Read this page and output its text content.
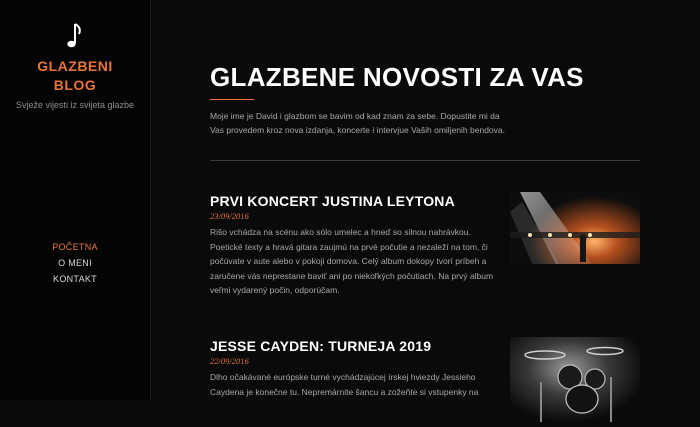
GLAZBENI
BLOG
Svježe vijesti iz svijeta glazbe
POČETNA
O MENI
KONTAKT
GLAZBENE NOVOSTI ZA VAS

Moje ime je David i glazbom se bavim od kad znam za sebe. Dopustite mi da Vas provedem kroz nova izdanja, koncerte i intervjue Vaših omiljenih bendova.

PRVI KONCERT JUSTINA LEYTONA
23/09/2016
Rišo vchádza na scénu ako sólo umelec a hneď so silnou nahrávkou. Poetické texty a hravá gitara zaujmú na prvé počutie a nezaleží na tom, či počúvate v aute alebo v pokoji domova. Celý album dokopy tvorí príbeh a zaručene vás neprestane baviť ani po niekoľkých počutiach. Na prvý album veľmi vydarený počin, odporúčam.
JESSE CAYDEN: TURNEJA 2019
22/09/2016
Dlho očakávané európske turné vychádzajúcej írskej hviezdy Jessieho Caydena je konečne tu. Nepremárnite šancu a zožeňte si vstupenky na
